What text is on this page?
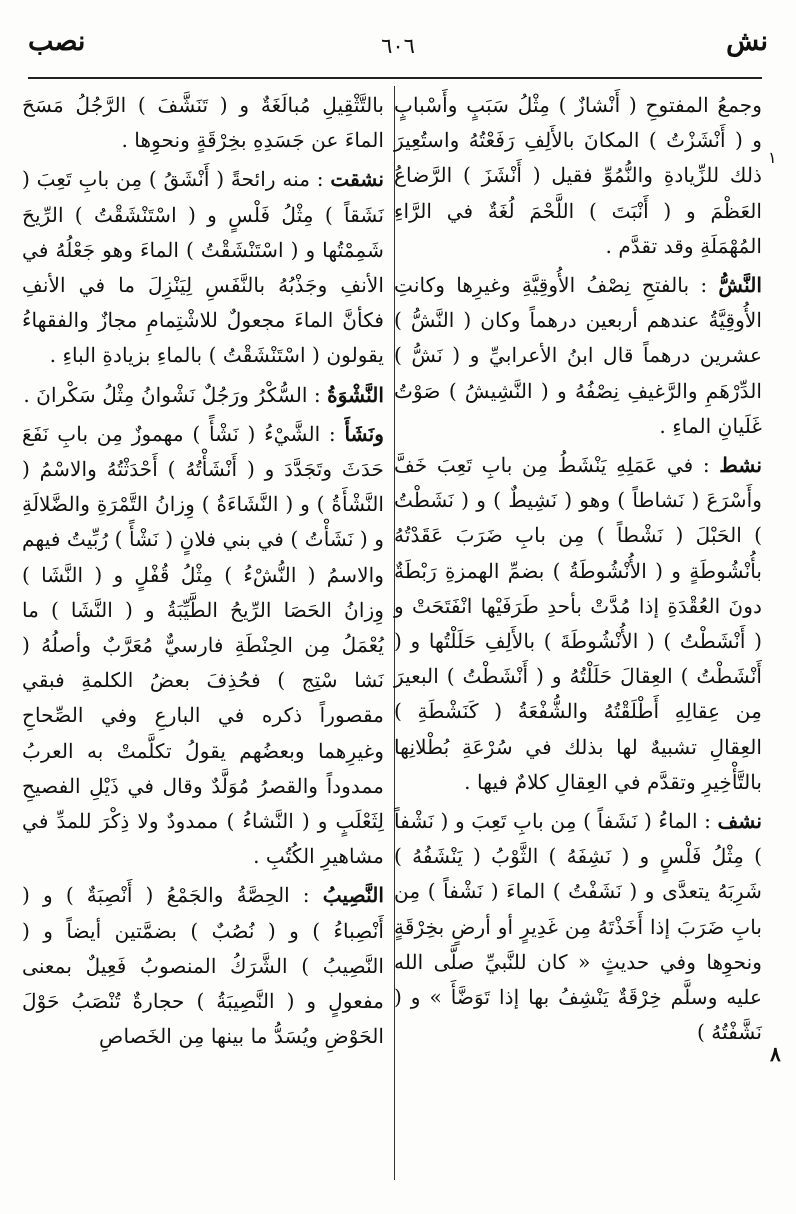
نش
٦٠٦
نصب
١
٨

وجمعُ المفتوحِ ( أَنْشازٌ ) مِثْلُ سَبَبٍ وأَسْبابٍ و ( أَنْشَزْتُ ) المكانَ بالأَلِفِ رَفَعْتُهُ واستُعِيرَ ذلك للزِّيادةِ والنُّمُوِّ فقيل ( أَنْشَزَ ) الرَّضاعُ العَظْمَ و ( أَنْبَتَ ) اللَّحْمَ لُغَةٌ في الرَّاءِ المُهْمَلَةِ وقد تقدَّم .

النَّشُّ : بالفتحِ نِصْفُ الأُوقِيَّةِ وغيرِها وكانتِ الأُوقِيَّةُ عندهم أربعين درهماً وكان ( النَّشُّ ) عشرين درهماً قال ابنُ الأعرابيِّ و ( نَشُّ ) الدِّرْهَمِ والرَّغيفِ نِصْفُهُ و ( النَّشِيشُ ) صَوْتُ غَلَيانِ الماءِ .

نشط : في عَمَلِهِ يَنْشَطُ مِن بابِ تَعِبَ خَفَّ وأَسْرَعَ ( نَشاطاً ) وهو ( نَشِيطٌ ) و ( نَشَطْتُ ) الحَبْلَ ( نَشْطاً ) مِن بابِ ضَرَبَ عَقَدْتُهُ بأُنْشُوطَةٍ و ( الأُنْشُوطَةُ ) بضمِّ الهمزةِ رَبْطَةٌ دونَ العُقْدَةِ إذا مُدَّتْ بأحدِ طَرَفَيْها انْفَتَحَتْ و ( أَنْشَطْتُ ) ( الأُنْشُوطَةَ ) بالأَلِفِ حَلَلْتُها و ( أَنْشَطْتُ ) العِقالَ حَلَلْتُهُ و ( أَنْشَطْتُ ) البعيرَ مِن عِقالِهِ أَطْلَقْتُهُ والشُّفْعَةُ ( كَنَشْطَةِ ) العِقالِ تشبيهٌ لها بذلك في سُرْعَةِ بُطْلانِها بالتَّأْخِيرِ وتقدَّم في العِقالِ كلامٌ فيها .

نشف : الماءُ ( نَشَفاً ) مِن بابِ تَعِبَ و ( نَشْفاً ) مِثْلُ فَلْسٍ و ( نَشِفَهُ ) الثَّوْبُ ( يَنْشَفُهُ ) شَرِبَهُ يتعدَّى و ( نَشَفْتُ ) الماءَ ( نَشْفاً ) مِن بابِ ضَرَبَ إذا أَخَذْتَهُ مِن غَدِيرٍ أو أرضٍ بخِرْقَةٍ ونحوِها وفي حديثٍ « كان للنَّبيِّ صلَّى الله عليه وسلَّم خِرْقَةٌ يَنْشِفُ بها إذا تَوَضَّأَ » و ( نَشَّفْتُهُ )

بالتَّثْقِيلِ مُبالَغَةٌ و ( تَنَشَّفَ ) الرَّجُلُ مَسَحَ الماءَ عن جَسَدِهِ بخِرْقَةٍ ونحوِها .

نشقت : منه رائحةً ( أَنْشَقُ ) مِن بابِ تَعِبَ ( نَشَقاً ) مِثْلُ فَلْسٍ و ( اسْتَنْشَقْتُ ) الرِّيحَ شَمِمْتُها و ( اسْتَنْشَقْتُ ) الماءَ وهو جَعْلُهُ في الأنفِ وجَذْبُهُ بالنَّفَسِ لِيَنْزِلَ ما في الأنفِ فكأنَّ الماءَ مجعولٌ للاشْتِمامِ مجازٌ والفقهاءُ يقولون ( اسْتَنْشَقْتُ ) بالماءِ بزيادةِ الباءِ .

النَّشْوَةُ : السُّكْرُ ورَجُلٌ نَشْوانُ مِثْلُ سَكْرانَ .

ونَشَأَ : الشَّيْءُ ( نَشْأً ) مهموزٌ مِن بابِ نَفَعَ حَدَثَ وتَجَدَّدَ و ( أَنْشَأْتُهُ ) أَحْدَثْتُهُ والاسْمُ ( النَّشْأَةُ ) و ( النَّشَاءَةُ ) وِزانُ التَّمْرَةِ والضَّلالَةِ و ( نَشَأْتُ ) في بني فلانٍ ( نَشْأً ) رُبِّيتُ فيهم والاسمُ ( النُّشْءُ ) مِثْلُ قُفْلٍ و ( النَّشَا ) وِزانُ الحَصَا الرِّيحُ الطَّيِّبَةُ و ( النَّشَا ) ما يُعْمَلُ مِن الحِنْطَةِ فارسيٌّ مُعَرَّبٌ وأصلُهُ ( نَشا سْتِج ) فحُذِفَ بعضُ الكلمةِ فبقي مقصوراً ذكره في البارعِ وفي الصِّحاحِ وغيرِهما وبعضُهم يقولُ تكلَّمتْ به العربُ ممدوداً والقصرُ مُوَلَّدٌ وقال في ذَيْلِ الفصيحِ لِثَعْلَبٍ و ( النَّشاءُ ) ممدودٌ ولا ذِكْرَ للمدِّ في مشاهيرِ الكُتُبِ .

النَّصِيبُ : الحِصَّةُ والجَمْعُ ( أَنْصِبَةٌ ) و ( أَنْصِباءُ ) و ( نُصُبٌ ) بضمَّتين أيضاً و ( النَّصِيبُ ) الشَّرَكُ المنصوبُ فَعِيلٌ بمعنى مفعولٍ و ( النَّصِيبَةُ ) حجارةٌ تُنْصَبُ حَوْلَ الحَوْضِ ويُسَدُّ ما بينها مِن الخَصاصِ
